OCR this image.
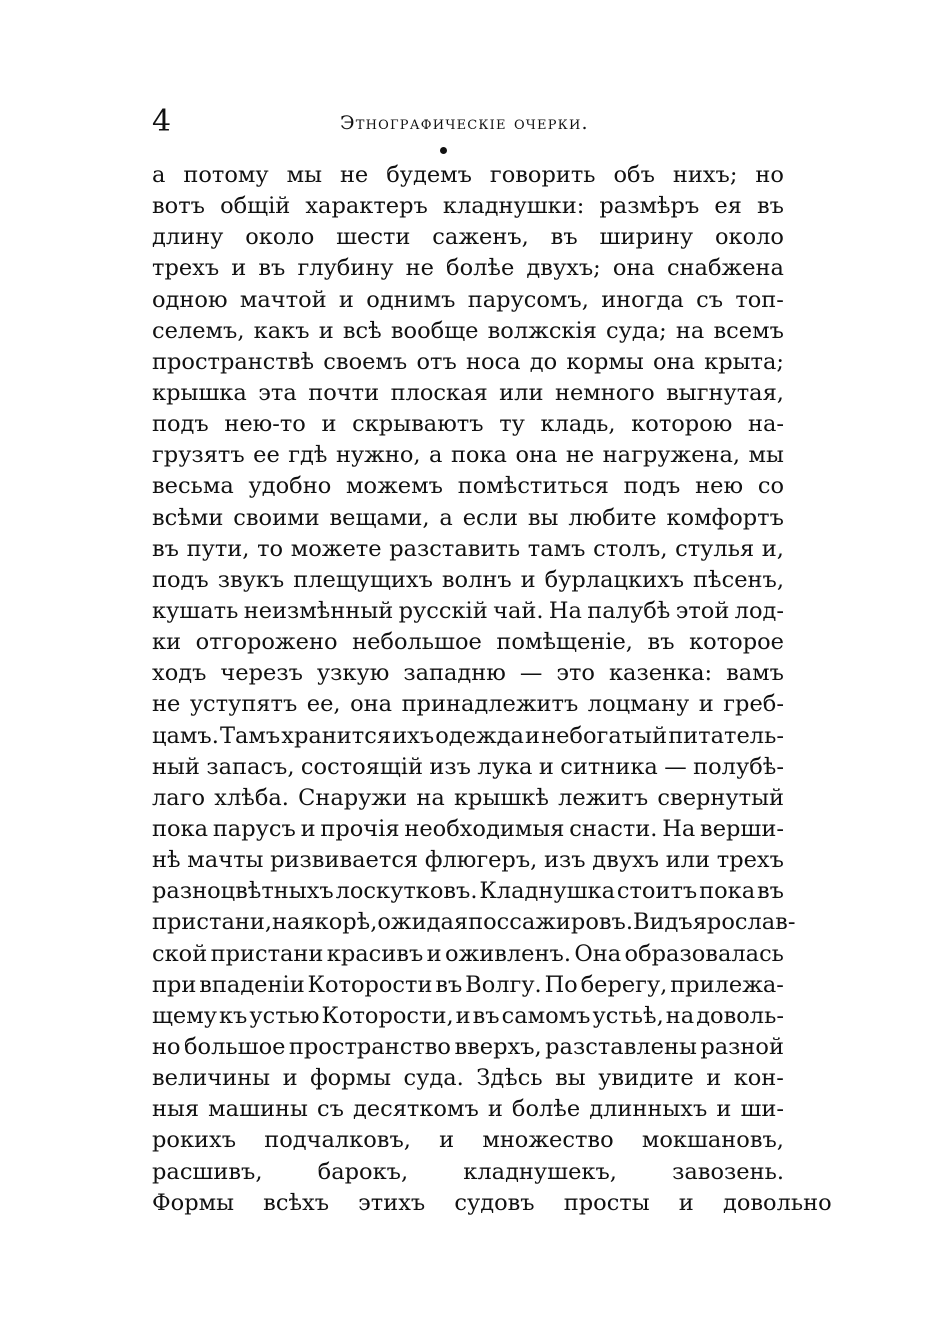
4	Этнографическiе очерки.
а потому мы не будемъ говорить объ нихъ; но
вотъ общiй характеръ кладнушки: размѣръ ея въ
длину около шести саженъ, въ ширину около
трехъ и въ глубину не болѣе двухъ; она снабжена
одною мачтой и однимъ парусомъ, иногда съ топ-
селемъ, какъ и всѣ вообще волжскiя суда; на всемъ
пространствѣ своемъ отъ носа до кормы она крыта;
крышка эта почти плоская или немного выгнутая,
подъ нею-то и скрываютъ ту кладь, которою на-
грузятъ ее гдѣ нужно, а пока она не нагружена, мы
весьма удобно можемъ помѣститься подъ нею со
всѣми своими вещами, а если вы любите комфортъ
въ пути, то можете разставить тамъ столъ, стулья и,
подъ звукъ плещущихъ волнъ и бурлацкихъ пѣсенъ,
кушать неизмѣнный русскiй чай. На палубѣ этой лод-
ки отгорожено небольшое помѣщенiе, въ которое
ходъ черезъ узкую западню — это казенка: вамъ
не уступятъ ее, она принадлежитъ лоцману и греб-
цамъ. Тамъ хранится ихъ одежда и небогатый питатель-
ный запасъ, состоящiй изъ лука и ситника — полубѣ-
лаго хлѣба. Снаружи на крышкѣ лежитъ свернутый
пока парусъ и прочiя необходимыя снасти. На верши-
нѣ мачты ризвивается флюгеръ, изъ двухъ или трехъ
разноцвѣтныхъ лоскутковъ. Кладнушка стоитъ пока въ
пристани, на якорѣ, ожидая поссажировъ. Видъ ярослав-
ской пристани красивъ и оживленъ. Она образовалась
при впаденiи Которости въ Волгу. По берегу, прилежа-
щему къ устью Которости, и въ самомъ устьѣ, на доволь-
но большое пространство вверхъ, разставлены разной
величины и формы суда. Здѣсь вы увидите и кон-
ныя машины съ десяткомъ и болѣе длинныхъ и ши-
рокихъ подчалковъ, и множество мокшановъ,
расшивъ, барокъ, кладнушекъ, завозень.
Формы всѣхъ этихъ судовъ просты и довольно
